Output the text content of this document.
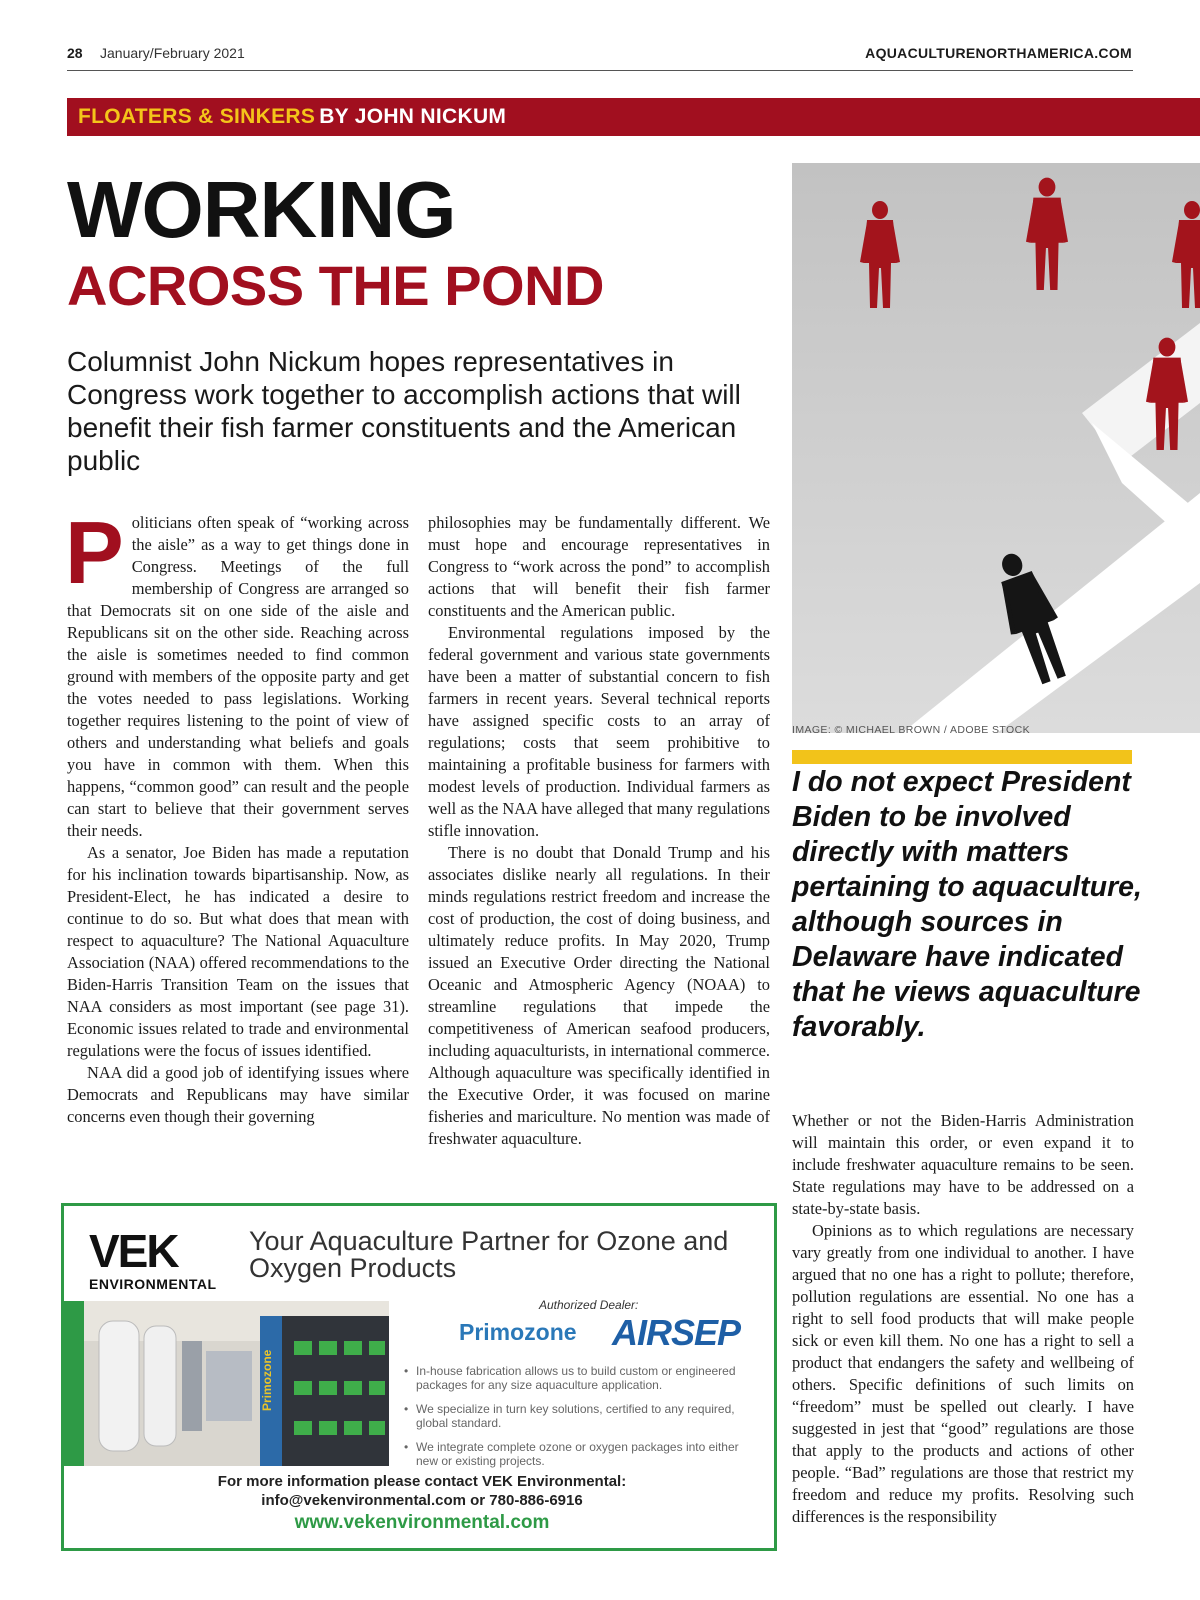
28 January/February 2021	AQUACULTURENORTHAMERICA.COM
FLOATERS & SINKERS BY JOHN NICKUM
WORKING
ACROSS THE POND
Columnist John Nickum hopes representatives in Congress work together to accomplish actions that will benefit their fish farmer constituents and the American public
IMAGE: © MICHAEL BROWN / ADOBE STOCK
I do not expect President Biden to be involved directly with matters pertaining to aquaculture, although sources in Delaware have indicated that he views aquaculture favorably.

Politicians often speak of “working across the aisle” as a way to get things done in Congress. Meetings of the full membership of Congress are arranged so that Democrats sit on one side of the aisle and Republicans sit on the other side. Reaching across the aisle is sometimes needed to find common ground with members of the opposite party and get the votes needed to pass legislations. Working together requires listening to the point of view of others and understanding what beliefs and goals you have in common with them. When this happens, “common good” can result and the people can start to believe that their government serves their needs.

As a senator, Joe Biden has made a reputation for his inclination towards bipartisanship. Now, as President-Elect, he has indicated a desire to continue to do so. But what does that mean with respect to aquaculture? The National Aquaculture Association (NAA) offered recommendations to the Biden-Harris Transition Team on the issues that NAA considers as most important (see page 31). Economic issues related to trade and environmental regulations were the focus of issues identified.

NAA did a good job of identifying issues where Democrats and Republicans may have similar concerns even though their governing

philosophies may be fundamentally different. We must hope and encourage representatives in Congress to “work across the pond” to accomplish actions that will benefit their fish farmer constituents and the American public.

Environmental regulations imposed by the federal government and various state governments have been a matter of substantial concern to fish farmers in recent years. Several technical reports have assigned specific costs to an array of regulations; costs that seem prohibitive to maintaining a profitable business for farmers with modest levels of production. Individual farmers as well as the NAA have alleged that many regulations stifle innovation.

There is no doubt that Donald Trump and his associates dislike nearly all regulations. In their minds regulations restrict freedom and increase the cost of production, the cost of doing business, and ultimately reduce profits. In May 2020, Trump issued an Executive Order directing the National Oceanic and Atmospheric Agency (NOAA) to streamline regulations that impede the competitiveness of American seafood producers, including aquaculturists, in international commerce. Although aquaculture was specifically identified in the Executive Order, it was focused on marine fisheries and mariculture. No mention was made of freshwater aquaculture.

Whether or not the Biden-Harris Administration will maintain this order, or even expand it to include freshwater aquaculture remains to be seen. State regulations may have to be addressed on a state-by-state basis.

Opinions as to which regulations are necessary vary greatly from one individual to another. I have argued that no one has a right to pollute; therefore, pollution regulations are essential. No one has a right to sell food products that will make people sick or even kill them. No one has a right to sell a product that endangers the safety and wellbeing of others. Specific definitions of such limits on “freedom” must be spelled out clearly. I have suggested in jest that “good” regulations are those that apply to the products and actions of other people. “Bad” regulations are those that restrict my freedom and reduce my profits. Resolving such differences is the responsibility

VEK
ENVIRONMENTAL
Your Aquaculture Partner for Ozone and Oxygen Products
Authorized Dealer:
Primozone AIRSEP
Primozone
•	In-house fabrication allows us to build custom or engineered packages for any size aquaculture application.
• We specialize in turn key solutions, certified to any required, global standard.
• We integrate complete ozone or oxygen packages into either new or existing projects.
For more information please contact VEK Environmental:
info@vekenvironmental.com or 780-886-6916
www.vekenvironmental.com
